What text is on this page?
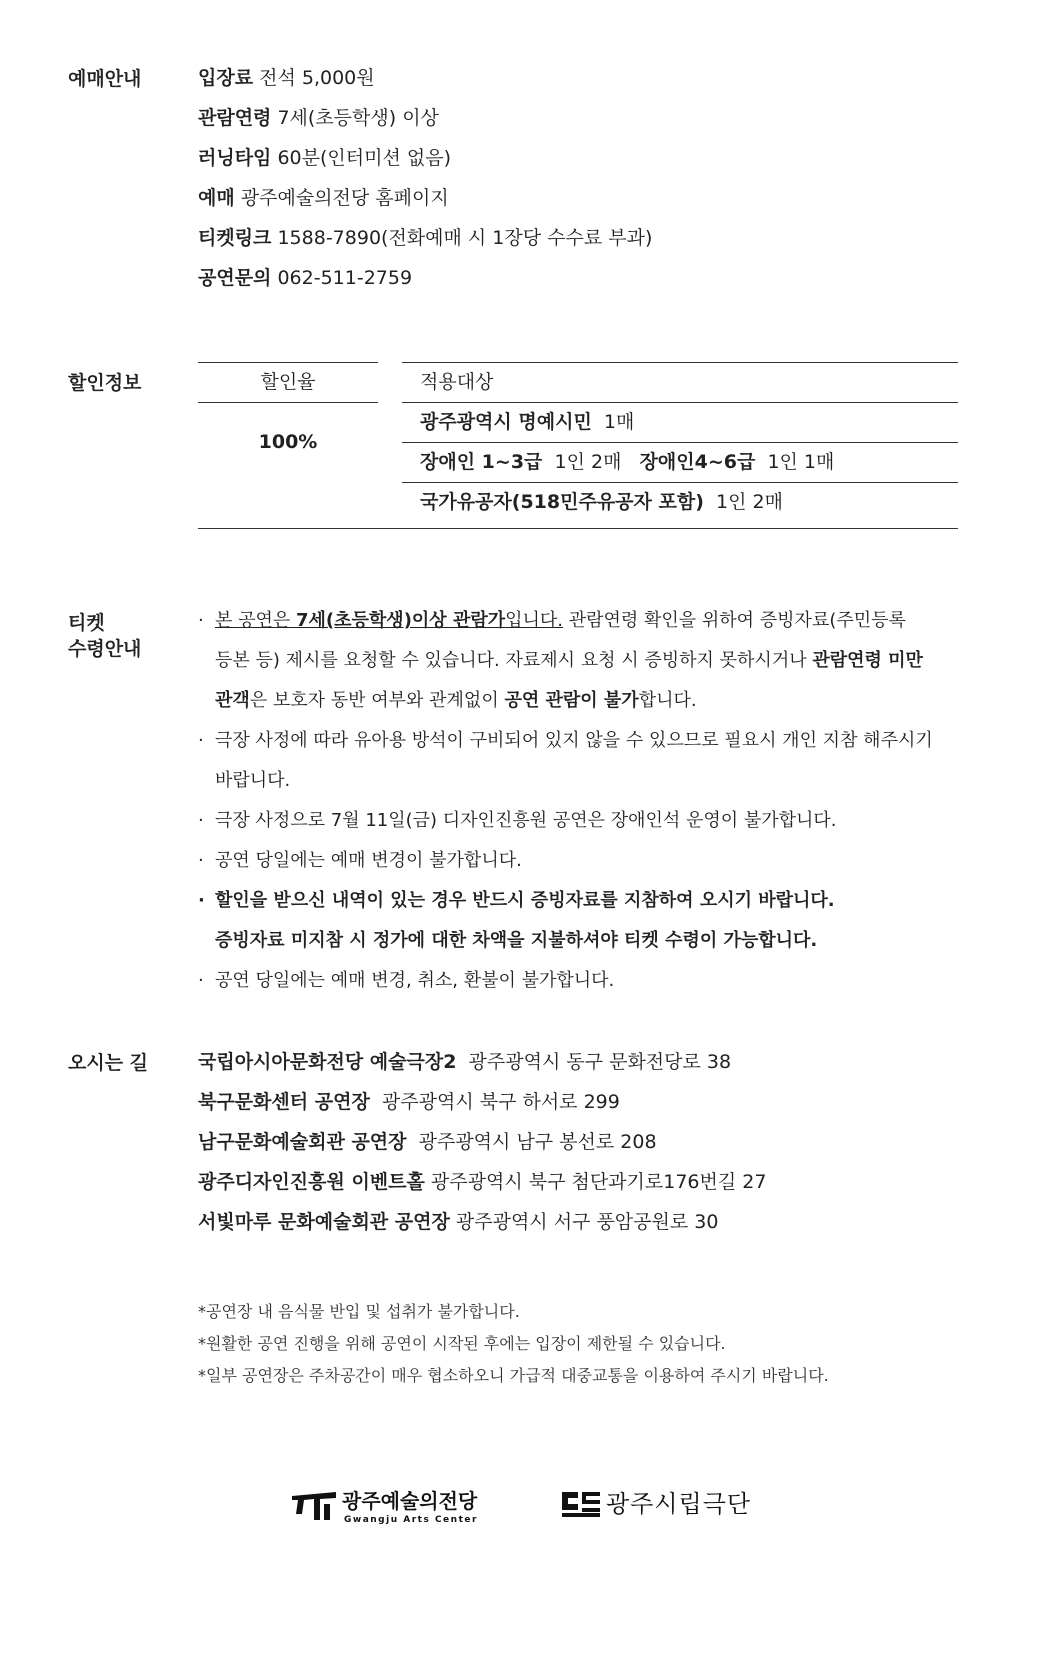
예매안내	입장료 전석 5,000원
관람연령 7세(초등학생) 이상
러닝타임 60분(인터미션 없음)
예매 광주예술의전당 홈페이지
티켓링크 1588-7890(전화예매 시 1장당 수수료 부과)
공연문의 062-511-2759
할인정보	할인율	적용대상
100%
광주광역시 명예시민 1매
장애인 1~3급 1인 2매 장애인4~6급 1인 1매
국가유공자(518민주유공자 포함) 1인 2매
티켓
수령안내
· 본 공연은 7세(초등학생)이상 관람가입니다. 관람연령 확인을 위하여 증빙자료(주민등록
등본 등) 제시를 요청할 수 있습니다. 자료제시 요청 시 증빙하지 못하시거나 관람연령 미만
관객은 보호자 동반 여부와 관계없이 공연 관람이 불가합니다.
· 극장 사정에 따라 유아용 방석이 구비되어 있지 않을 수 있으므로 필요시 개인 지참 해주시기
바랍니다.
· 극장 사정으로 7월 11일(금) 디자인진흥원 공연은 장애인석 운영이 불가합니다.
· 공연 당일에는 예매 변경이 불가합니다.
· 할인을 받으신 내역이 있는 경우 반드시 증빙자료를 지참하여 오시기 바랍니다.
증빙자료 미지참 시 정가에 대한 차액을 지불하셔야 티켓 수령이 가능합니다.
· 공연 당일에는 예매 변경, 취소, 환불이 불가합니다.
오시는 길	국립아시아문화전당 예술극장2 광주광역시 동구 문화전당로 38
북구문화센터 공연장 광주광역시 북구 하서로 299
남구문화예술회관 공연장 광주광역시 남구 봉선로 208
광주디자인진흥원 이벤트홀 광주광역시 북구 첨단과기로176번길 27
서빛마루 문화예술회관 공연장 광주광역시 서구 풍암공원로 30
*공연장 내 음식물 반입 및 섭취가 불가합니다.
*원활한 공연 진행을 위해 공연이 시작된 후에는 입장이 제한될 수 있습니다.
*일부 공연장은 주차공간이 매우 협소하오니 가급적 대중교통을 이용하여 주시기 바랍니다.
광주예술의전당
Gwangju Arts Center
광주시립극단
